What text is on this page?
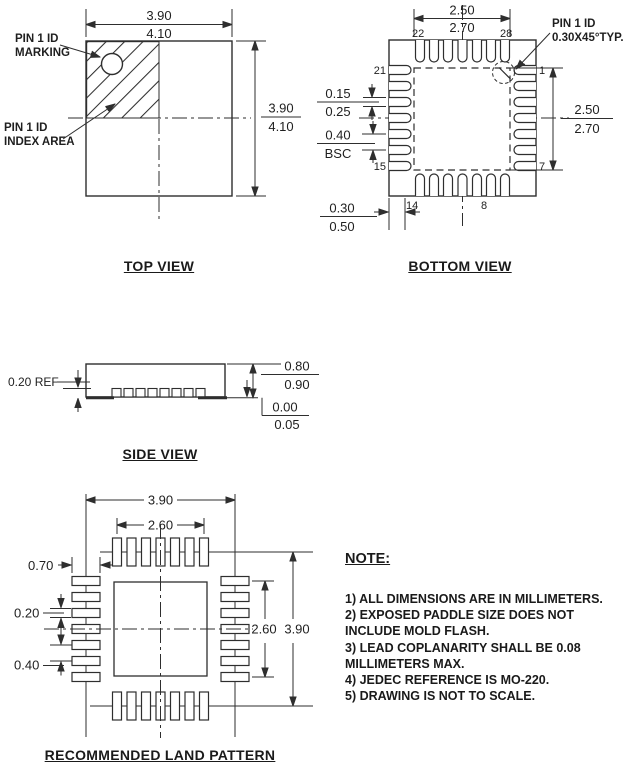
3.90
4.10
3.90
4.10
PIN 1 ID
MARKING
PIN 1 ID
INDEX AREA
TOP VIEW
2.50
2.70
2.50
2.70
0.15
0.25
0.40
BSC
0.30
0.50
22	28
21
15
14	8
1
7
PIN 1 ID
0.30X45°TYP.
BOTTOM VIEW
0.20 REF
0.80
0.90
0.00
0.05
SIDE VIEW
3.90
2.60
0.70
0.20
0.40
2.60 3.90
RECOMMENDED LAND PATTERN
NOTE:
1) ALL DIMENSIONS ARE IN MILLIMETERS.
2) EXPOSED PADDLE SIZE DOES NOT INCLUDE MOLD FLASH.
3) LEAD COPLANARITY SHALL BE 0.08 MILLIMETERS MAX.
4) JEDEC REFERENCE IS MO-220.
5) DRAWING IS NOT TO SCALE.
